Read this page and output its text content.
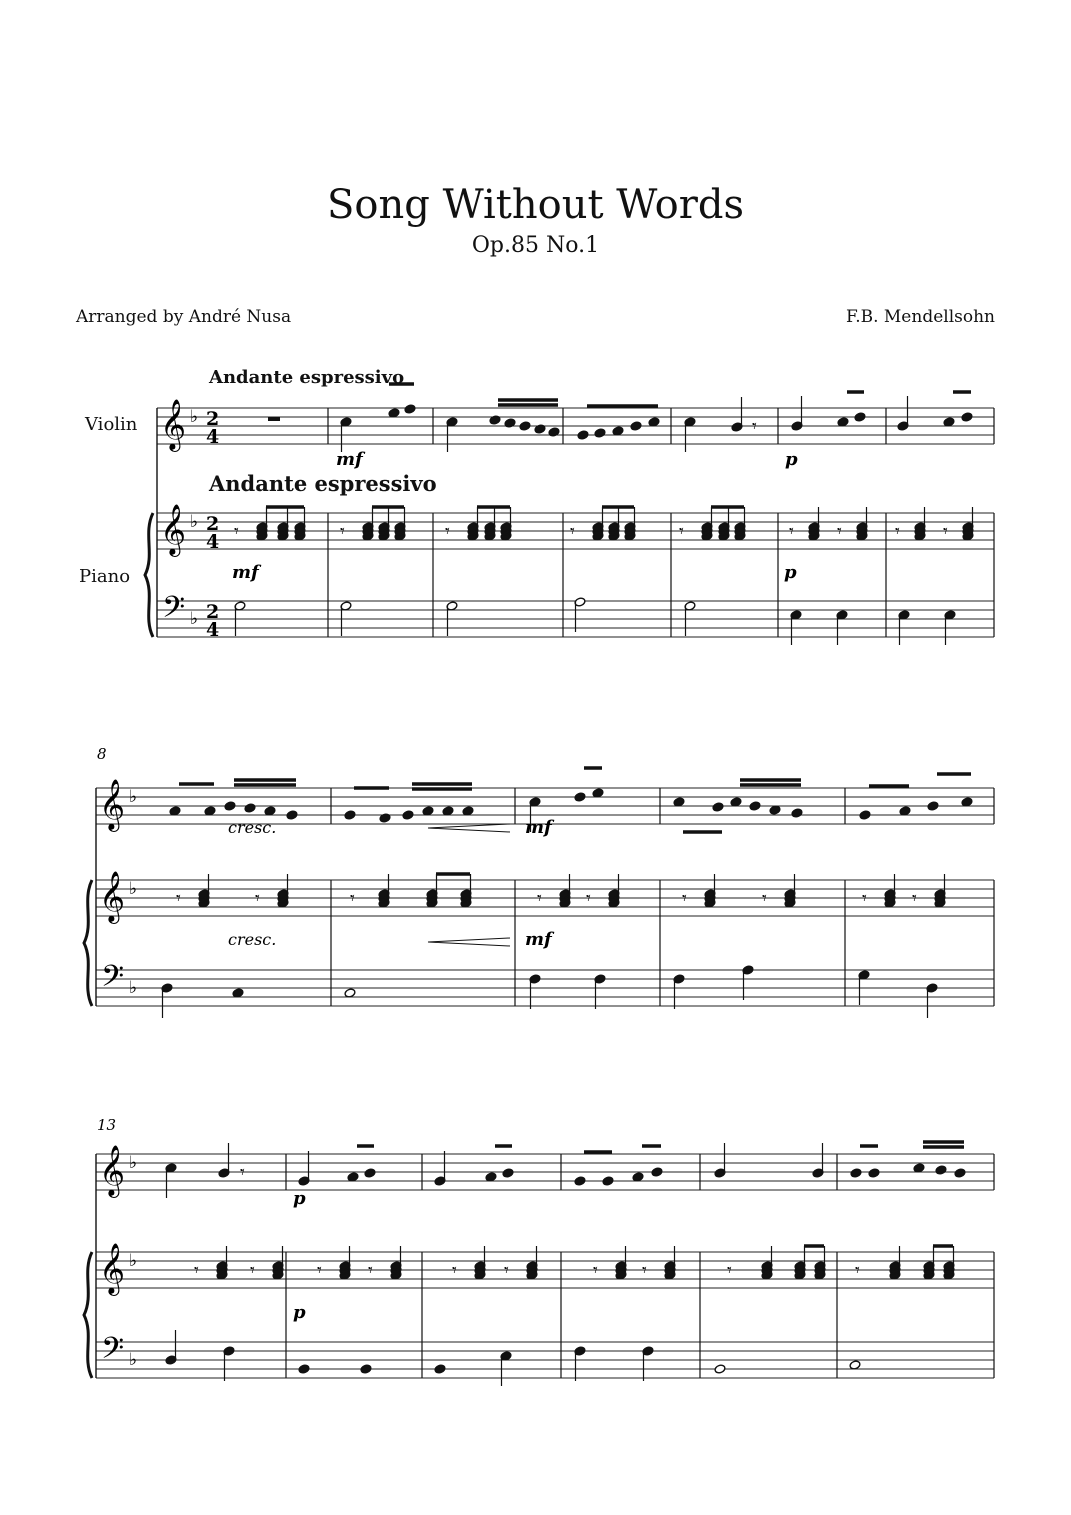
Song Without Words
Op.85 No.1
Arranged by André Nusa	F.B. Mendellsohn
Andante espressivo
Andante espressivo
Violin
Piano
𝄞
𝄞
𝄢
♭
♭
♭
𝄾
𝄾	𝄾	𝄾	𝄾	𝄾	𝄾 𝄾	𝄾 𝄾
𝄞
𝄞
𝄢
♭
♭
♭
𝄾	𝄾	𝄾 𝄾	𝄾	𝄾	𝄾	𝄾
𝄾
𝄞
𝄞
𝄢
♭
♭
♭
𝄾
𝄾	𝄾	𝄾	𝄾	𝄾	𝄾	𝄾 𝄾	𝄾	𝄾
2
4
2
4
2
4
mf	p
mf	p
8
cresc.	mf
cresc.	mf
13
p
p
